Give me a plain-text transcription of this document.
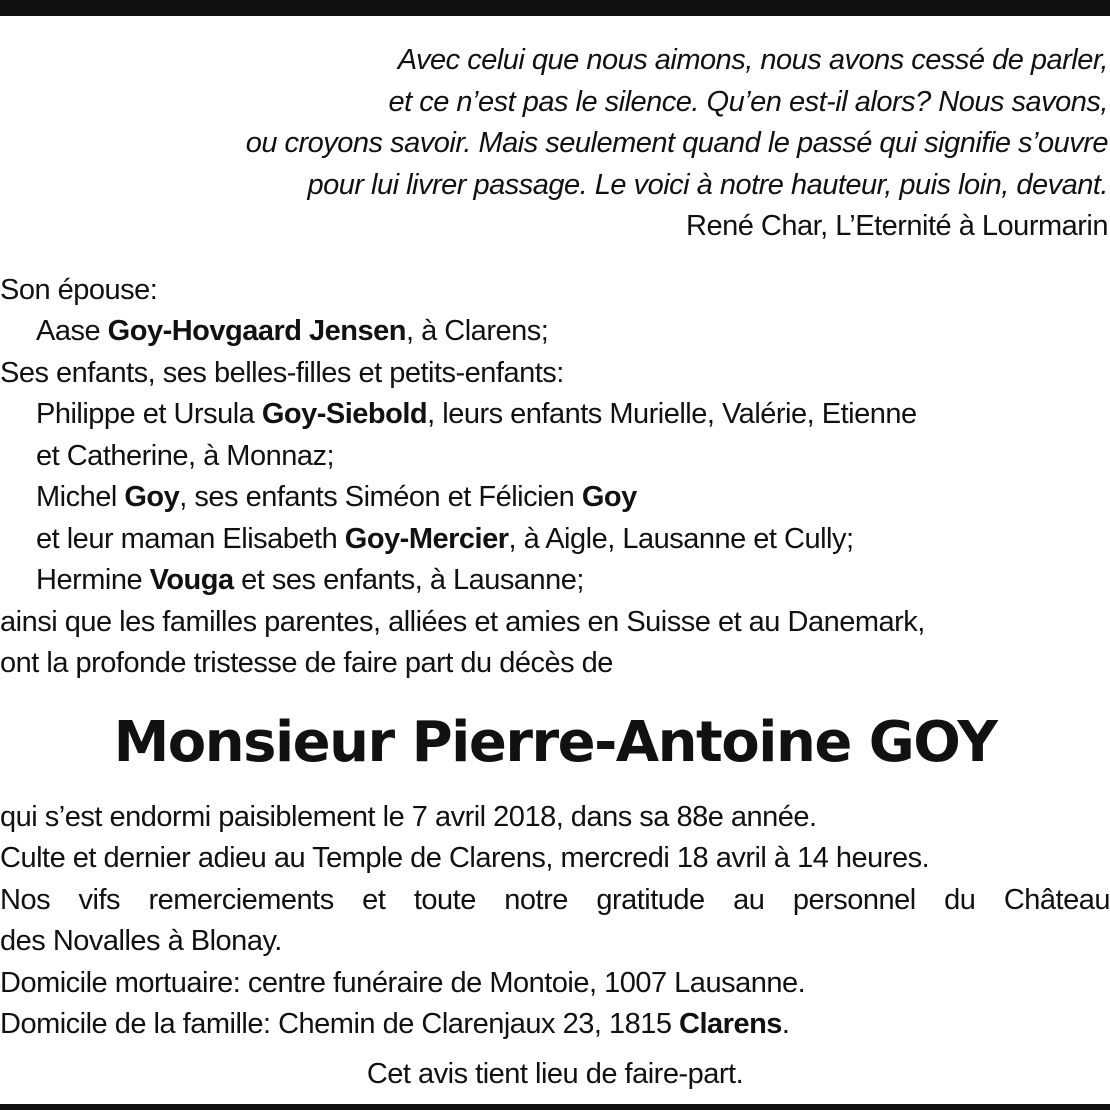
Avec celui que nous aimons, nous avons cessé de parler,
et ce n’est pas le silence. Qu’en est-il alors? Nous savons,
ou croyons savoir. Mais seulement quand le passé qui signifie s’ouvre
pour lui livrer passage. Le voici à notre hauteur, puis loin, devant.
René Char, L’Eternité à Lourmarin
Son épouse:
Aase Goy-Hovgaard Jensen, à Clarens;
Ses enfants, ses belles-filles et petits-enfants:
Philippe et Ursula Goy-Siebold, leurs enfants Murielle, Valérie, Etienne
et Catherine, à Monnaz;
Michel Goy, ses enfants Siméon et Félicien Goy
et leur maman Elisabeth Goy-Mercier, à Aigle, Lausanne et Cully;
Hermine Vouga et ses enfants, à Lausanne;
ainsi que les familles parentes, alliées et amies en Suisse et au Danemark,
ont la profonde tristesse de faire part du décès de
Monsieur Pierre-Antoine GOY
qui s’est endormi paisiblement le 7 avril 2018, dans sa 88e année.
Culte et dernier adieu au Temple de Clarens, mercredi 18 avril à 14 heures.
Nos vifs remerciements et toute notre gratitude au personnel du Château
des Novalles à Blonay.
Domicile mortuaire: centre funéraire de Montoie, 1007 Lausanne.
Domicile de la famille: Chemin de Clarenjaux 23, 1815 Clarens.
Cet avis tient lieu de faire-part.
